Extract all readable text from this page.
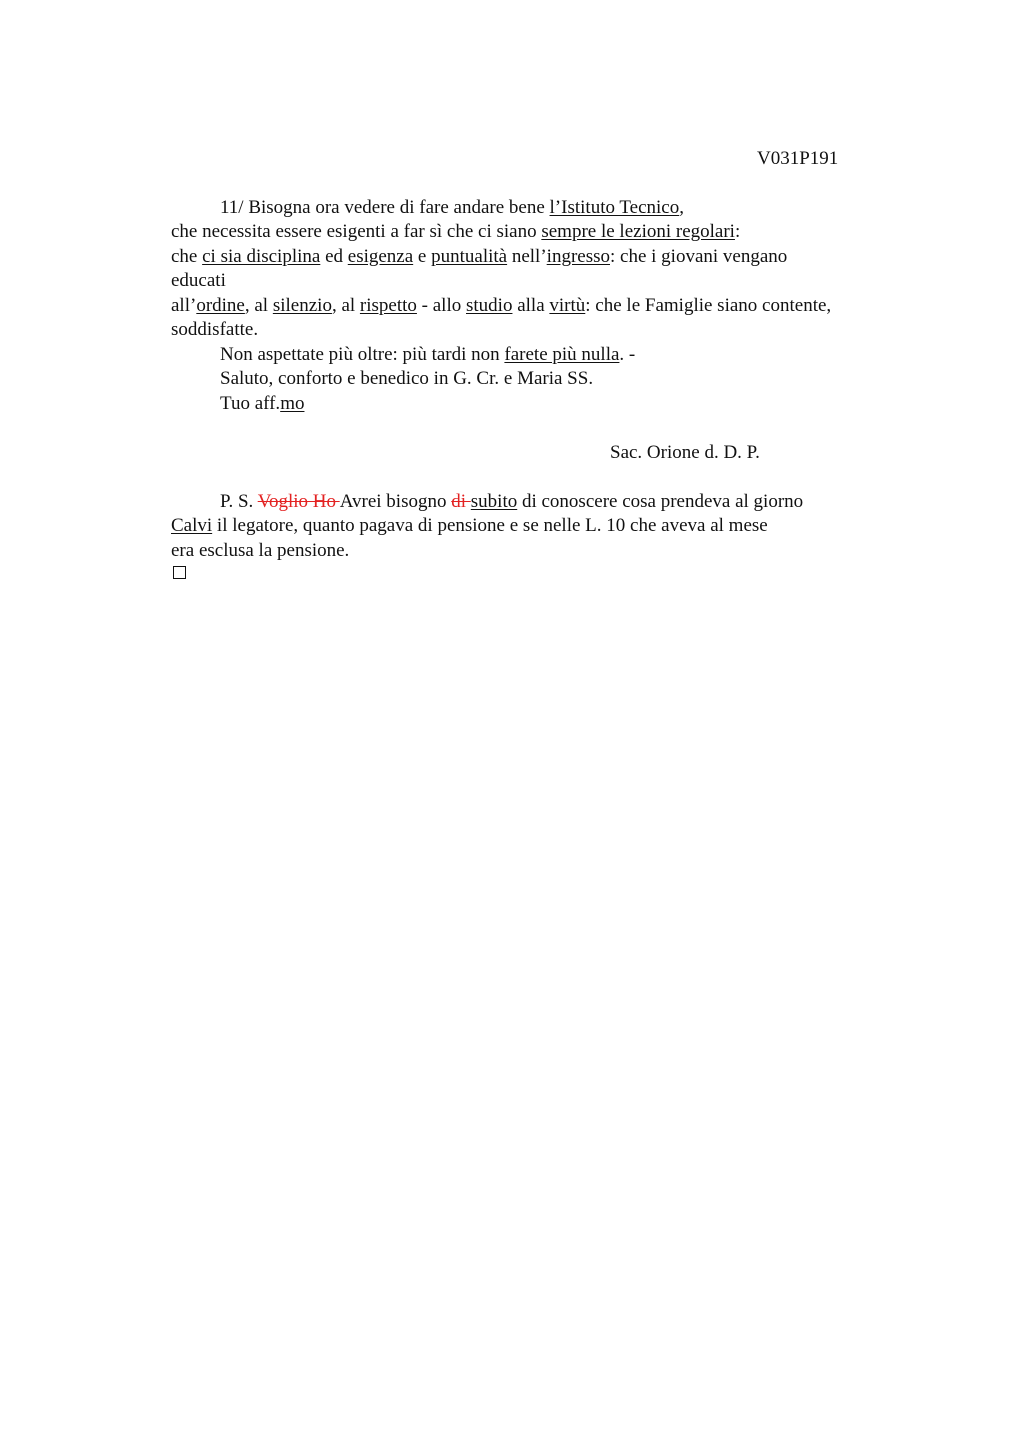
V031P191
11/ Bisogna ora vedere di fare andare bene l’Istituto Tecnico,
che necessita essere esigenti a far sì che ci siano sempre le lezioni regolari:
che ci sia disciplina ed esigenza e puntualità nell’ingresso: che i giovani vengano
educati
all’ordine, al silenzio, al rispetto - allo studio alla virtù: che le Famiglie siano contente,
soddisfatte.
Non aspettate più oltre: più tardi non farete più nulla. -
Saluto, conforto e benedico in G. Cr. e Maria SS.
Tuo aff.mo
Sac. Orione d. D. P.
P. S. Voglio Ho Avrei bisogno di subito di conoscere cosa prendeva al giorno
Calvi il legatore, quanto pagava di pensione e se nelle L. 10 che aveva al mese
era esclusa la pensione.
